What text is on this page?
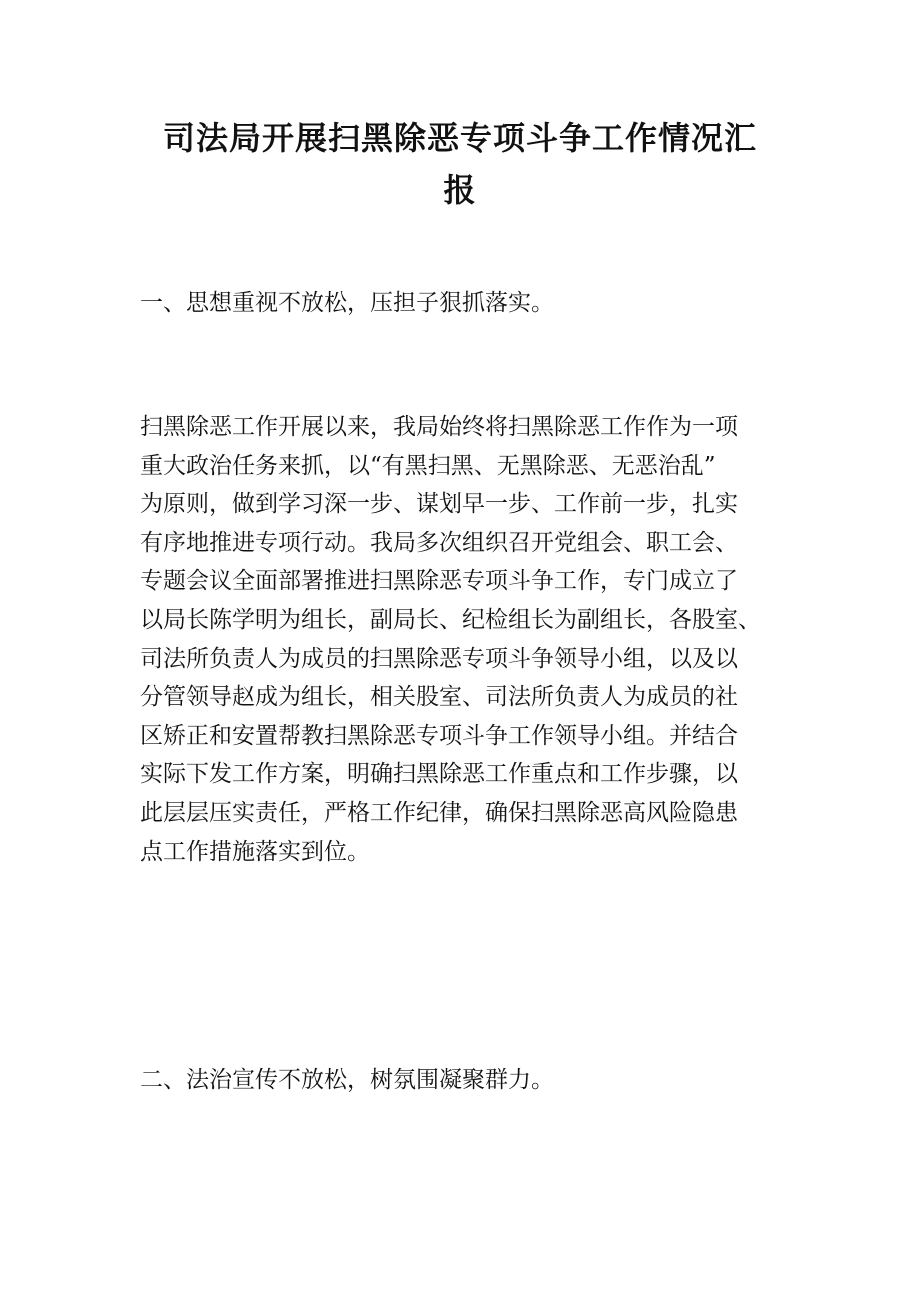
司法局开展扫黑除恶专项斗争工作情况汇
报

一、思想重视不放松，压担子狠抓落实。

扫黑除恶工作开展以来，我局始终将扫黑除恶工作作为一项
重大政治任务来抓，以“有黑扫黑、无黑除恶、无恶治乱”
为原则，做到学习深一步、谋划早一步、工作前一步，扎实
有序地推进专项行动。我局多次组织召开党组会、职工会、
专题会议全面部署推进扫黑除恶专项斗争工作，专门成立了
以局长陈学明为组长，副局长、纪检组长为副组长，各股室、
司法所负责人为成员的扫黑除恶专项斗争领导小组，以及以
分管领导赵成为组长，相关股室、司法所负责人为成员的社
区矫正和安置帮教扫黑除恶专项斗争工作领导小组。并结合
实际下发工作方案，明确扫黑除恶工作重点和工作步骤，以
此层层压实责任，严格工作纪律，确保扫黑除恶高风险隐患
点工作措施落实到位。

二、法治宣传不放松，树氛围凝聚群力。
